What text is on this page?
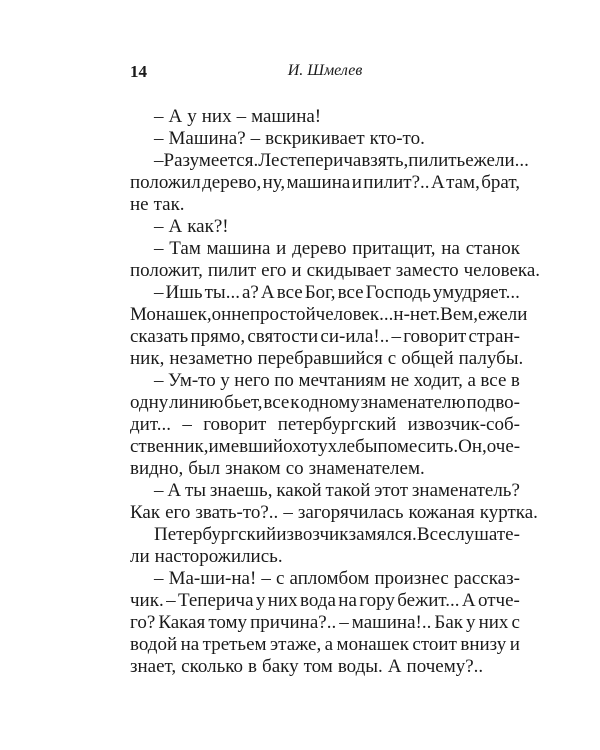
14	И. Шмелев
– А у них – машина!
– Машина? – вскрикивает кто-то.
– Разумеется. Лес теперича взять, пилить ежели...
положил дерево, ну, машина и пилит?.. А там, брат,
не так.
– А как?!
– Там машина и дерево притащит, на станок
положит, пилит его и скидывает заместо человека.
– Ишь ты... а? А все Бог, все Господь умудряет...
Монашек, он не простой человек... н-нет. В ем, ежели
сказать прямо, святости си-ила!.. – говорит стран-
ник, незаметно перебравшийся с общей палубы.
– Ум-то у него по мечтаниям не ходит, а все в
одну линию бьет, все к одному знаменателю подво-
дит... – говорит петербургский извозчик-соб-
ственник, имевший охоту хлебы помесить. Он, оче-
видно, был знаком со знаменателем.
– А ты знаешь, какой такой этот знаменатель?
Как его звать-то?.. – загорячилась кожаная куртка.
Петербургский извозчик замялся. Все слушате-
ли насторожились.
– Ма-ши-на! – с апломбом произнес рассказ-
чик. – Теперича у них вода на гору бежит... А отче-
го? Какая тому причина?.. – машина!.. Бак у них с
водой на третьем этаже, а монашек стоит внизу и
знает, сколько в баку том воды. А почему?..
